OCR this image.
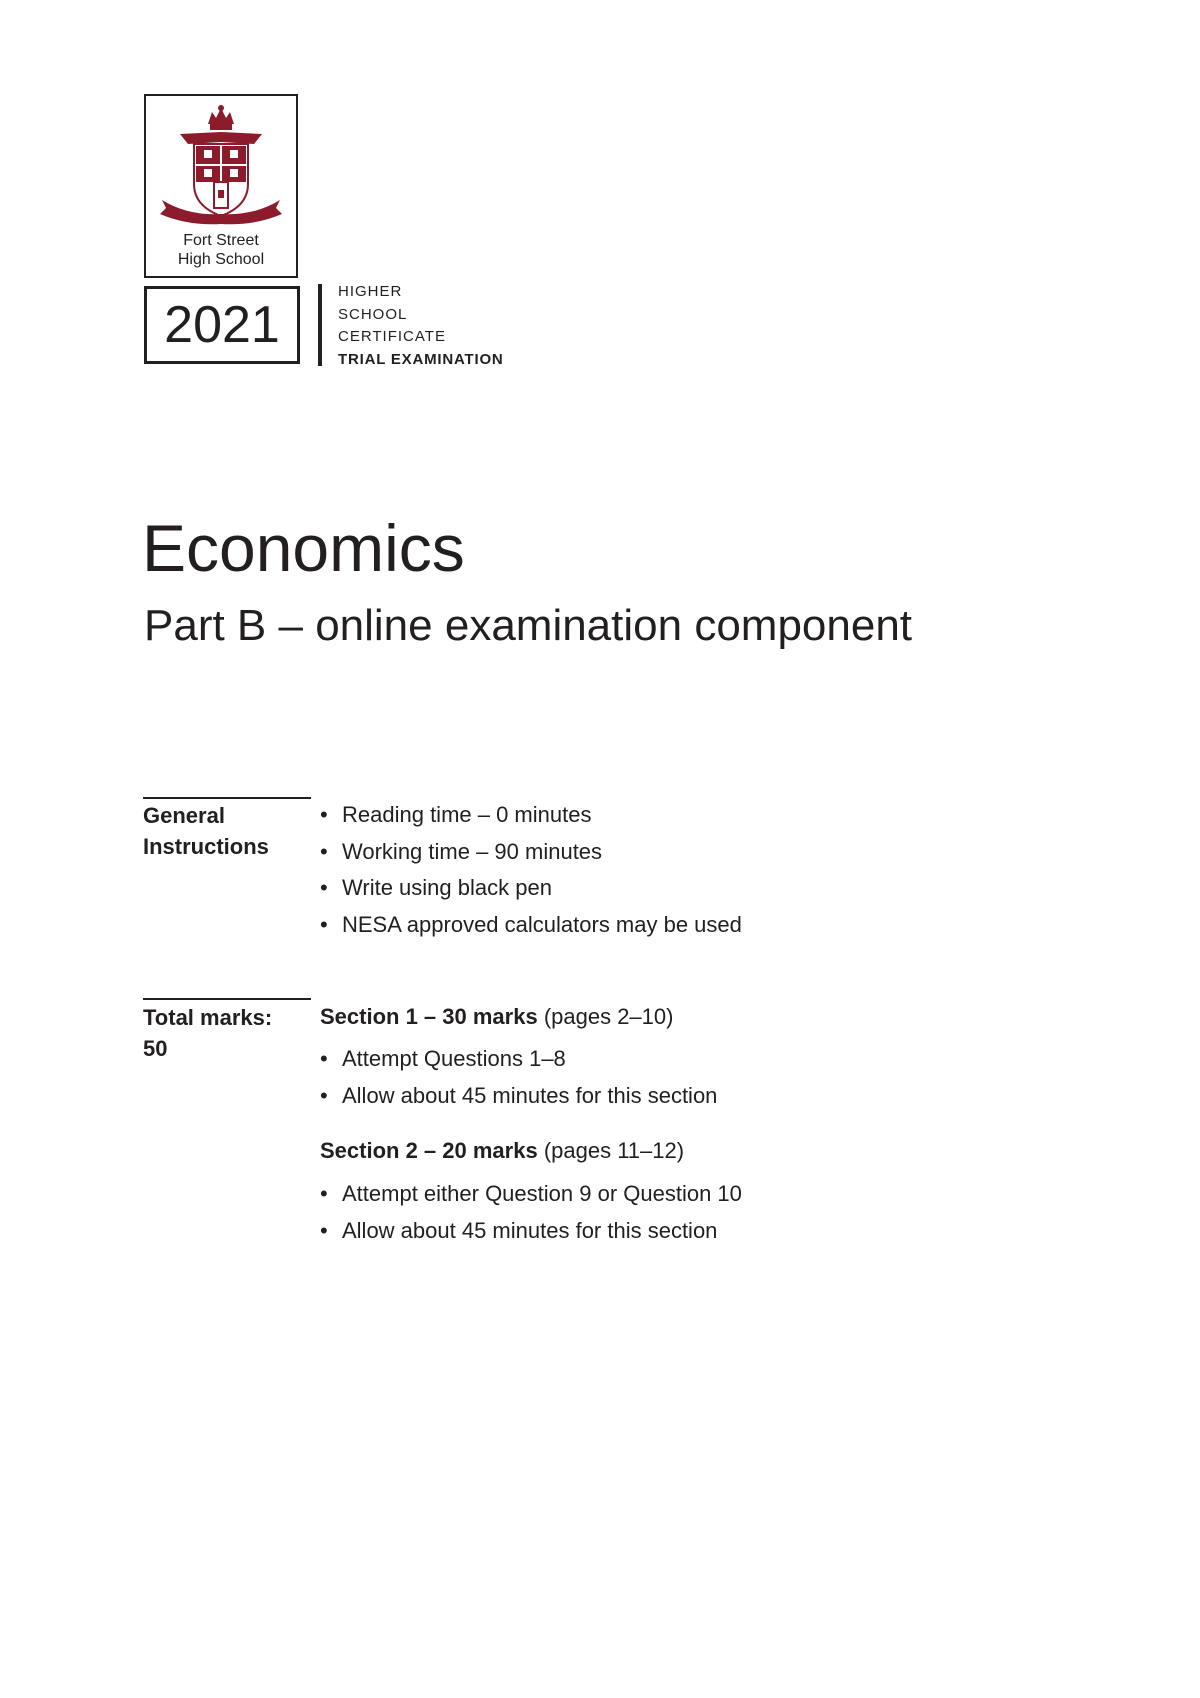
Fort Street
High School
2021
HIGHER
SCHOOL
CERTIFICATE
TRIAL EXAMINATION
Economics
Part B – online examination component
General
Instructions
• Reading time – 0 minutes
• Working time – 90 minutes
• Write using black pen
• NESA approved calculators may be used
Total marks:
50
Section 1 – 30 marks (pages 2–10)
• Attempt Questions 1–8
• Allow about 45 minutes for this section
Section 2 – 20 marks (pages 11–12)
• Attempt either Question 9 or Question 10
• Allow about 45 minutes for this section
